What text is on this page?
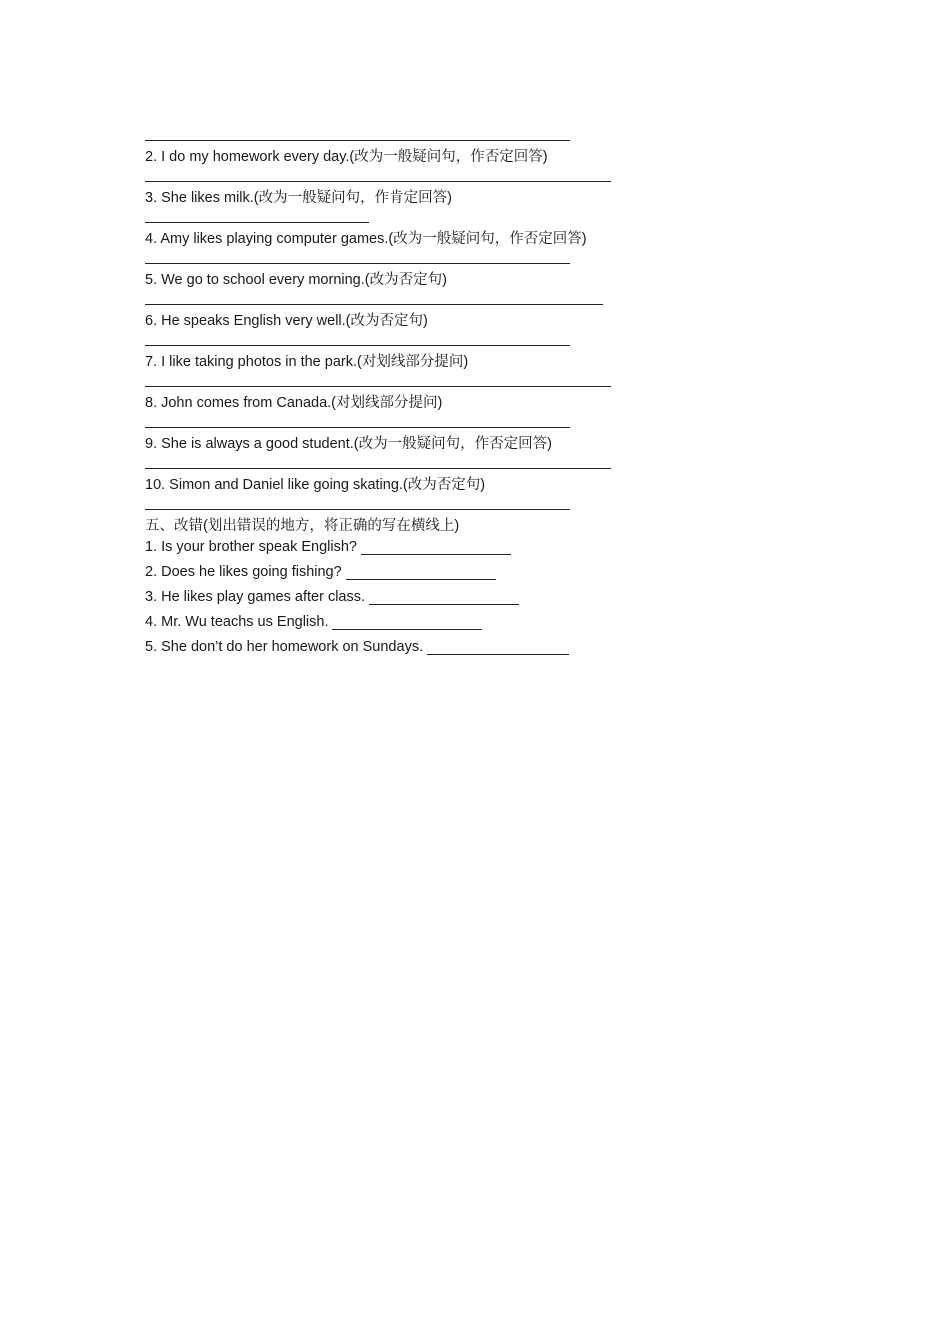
2. I do my homework every day.(改为一般疑问句，作否定回答)
3. She likes milk.(改为一般疑问句，作肯定回答)
4. Amy likes playing computer games.(改为一般疑问句，作否定回答)
5. We go to school every morning.(改为否定句)
6. He speaks English very well.(改为否定句)
7. I like taking photos in the park.(对划线部分提问)
8. John comes from Canada.(对划线部分提问)
9. She is always a good student.(改为一般疑问句，作否定回答)
10. Simon and Daniel like going skating.(改为否定句)
五、改错(划出错误的地方，将正确的写在横线上)
1. Is your brother speak English?
2. Does he likes going fishing?
3. He likes play games after class.
4. Mr. Wu teachs us English.
5. She don’t do her homework on Sundays.
